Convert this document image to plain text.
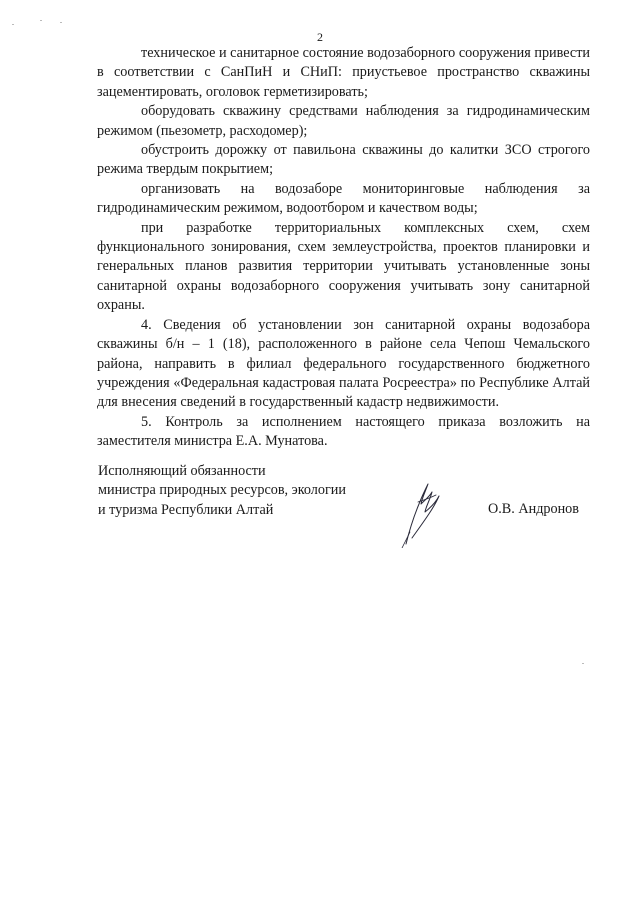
2

техническое и санитарное состояние водозаборного сооружения привести в соответствии с СанПиН и СНиП: приустьевое пространство скважины зацементировать, оголовок герметизировать;

оборудовать скважину средствами наблюдения за гидродинамическим режимом (пьезометр, расходомер);

обустроить дорожку от павильона скважины до калитки ЗСО строгого режима твердым покрытием;

организовать на водозаборе мониторинговые наблюдения за гидродинамическим режимом, водоотбором и качеством воды;

при разработке территориальных комплексных схем, схем функционального зонирования, схем землеустройства, проектов планировки и генеральных планов развития территории учитывать установленные зоны санитарной охраны водозаборного сооружения учитывать зону санитарной охраны.

4. Сведения об установлении зон санитарной охраны водозабора скважины б/н – 1 (18), расположенного в районе села Чепош Чемальского района, направить в филиал федерального государственного бюджетного учреждения «Федеральная кадастровая палата Росреестра» по Республике Алтай для внесения сведений в государственный кадастр недвижимости.

5. Контроль за исполнением настоящего приказа возложить на заместителя министра Е.А. Мунатова.

Исполняющий обязанности
министра природных ресурсов, экологии
и туризма Республики Алтай	О.В. Андронов
